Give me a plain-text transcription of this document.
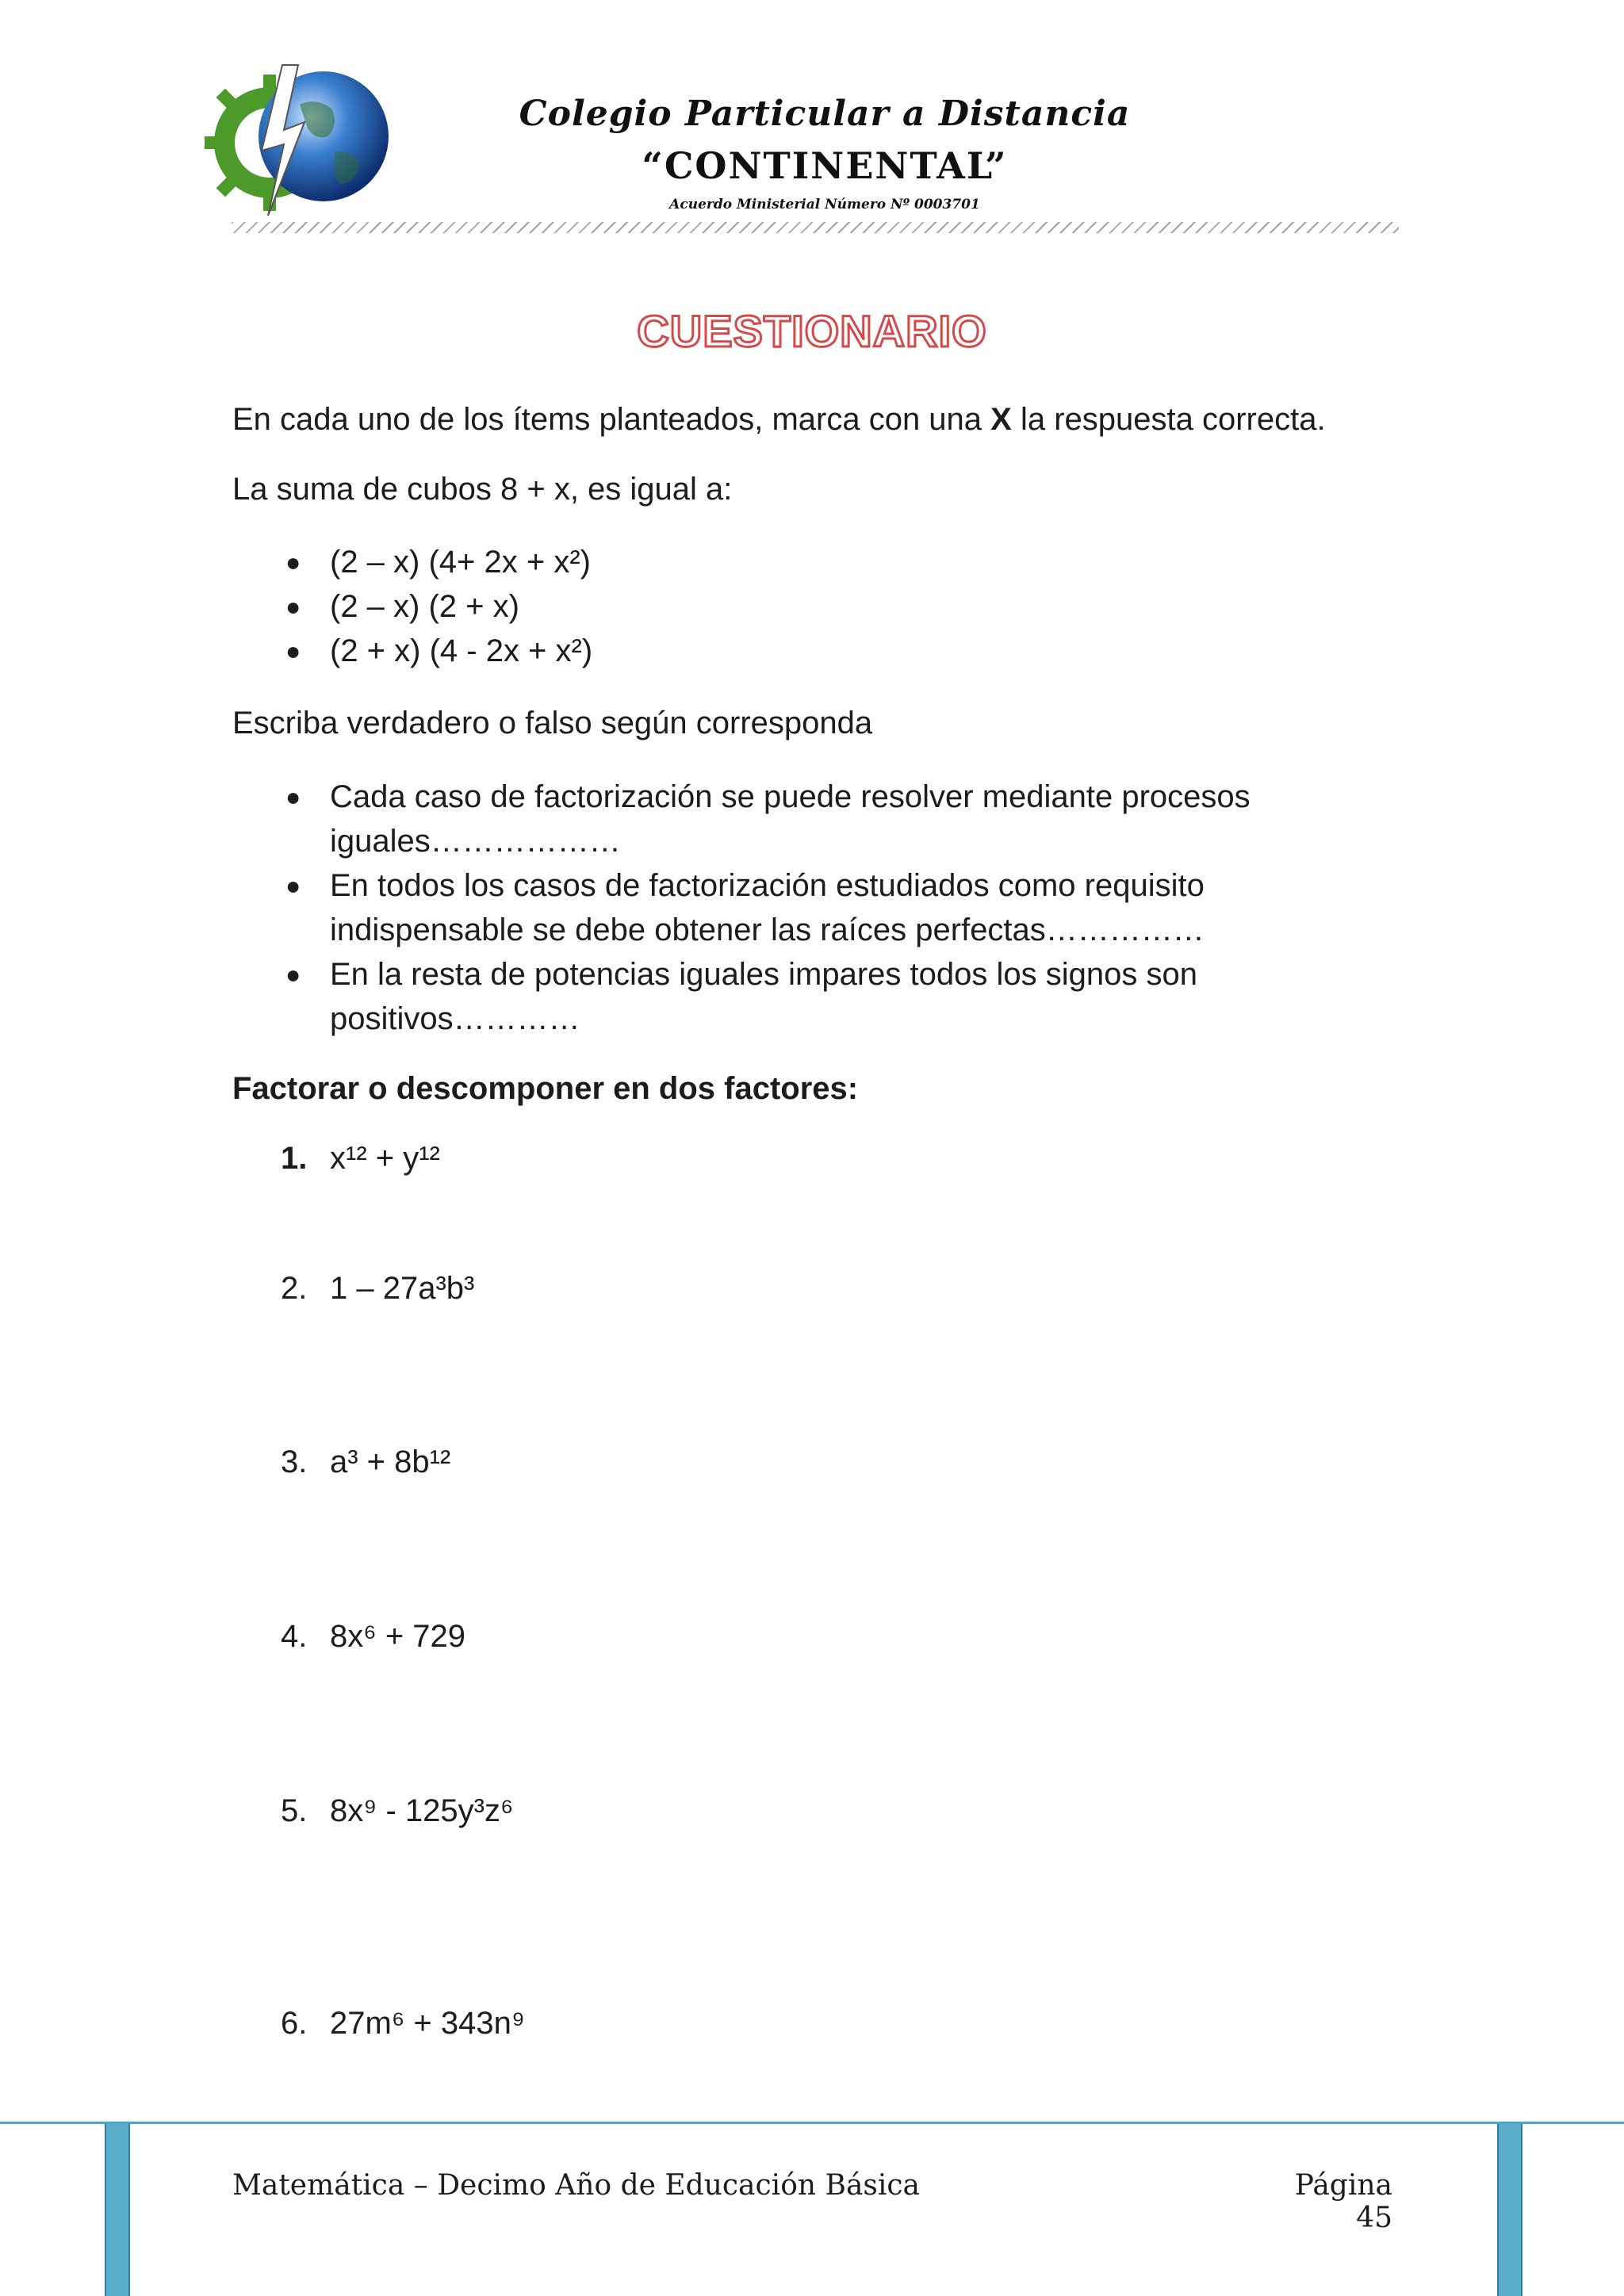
Colegio Particular a Distancia
“CONTINENTAL”
Acuerdo Ministerial Número Nº 0003701
CUESTIONARIO
En cada uno de los ítems planteados, marca con una X la respuesta correcta.
La suma de cubos 8 + x, es igual a:
● (2 – x) (4+ 2x + x²)
● (2 – x) (2 + x)
● (2 + x) (4 - 2x + x²)
Escriba verdadero o falso según corresponda
● Cada caso de factorización se puede resolver mediante procesos iguales………………
● En todos los casos de factorización estudiados como requisito indispensable se debe obtener las raíces perfectas……………
● En la resta de potencias iguales impares todos los signos son positivos…………
Factorar o descomponer en dos factores:
1. x¹² + y¹²
2. 1 – 27a³b³
3. a³ + 8b¹²
4. 8x⁶ + 729
5. 8x⁹ - 125y³z⁶
6. 27m⁶ + 343n⁹
Matemática – Decimo Año de Educación Básica	Página 45
